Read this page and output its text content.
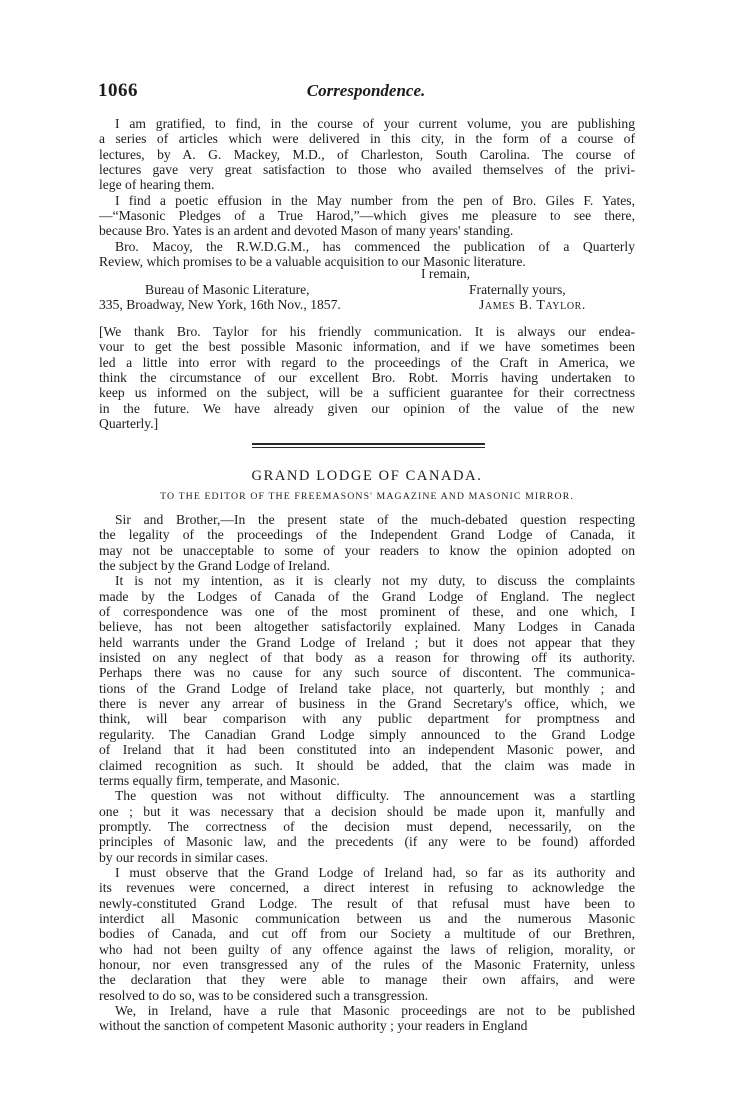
1066	Correspondence.

I am gratified, to find, in the course of your current volume, you are publishing
a series of articles which were delivered in this city, in the form of a course of
lectures, by A. G. Mackey, M.D., of Charleston, South Carolina. The course of
lectures gave very great satisfaction to those who availed themselves of the privi-
lege of hearing them.

I find a poetic effusion in the May number from the pen of Bro. Giles F. Yates,
—“Masonic Pledges of a True Harod,”—which gives me pleasure to see there,
because Bro. Yates is an ardent and devoted Mason of many years' standing.

Bro. Macoy, the R.W.D.G.M., has commenced the publication of a Quarterly
Review, which promises to be a valuable acquisition to our Masonic literature.

I remain,
Bureau of Masonic Literature,	Fraternally yours,
335, Broadway, New York, 16th Nov., 1857.	James B. Taylor.

[We thank Bro. Taylor for his friendly communication. It is always our endea-
vour to get the best possible Masonic information, and if we have sometimes been
led a little into error with regard to the proceedings of the Craft in America, we
think the circumstance of our excellent Bro. Robt. Morris having undertaken to
keep us informed on the subject, will be a sufficient guarantee for their correctness
in the future. We have already given our opinion of the value of the new
Quarterly.]

GRAND LODGE OF CANADA.
TO THE EDITOR OF THE FREEMASONS' MAGAZINE AND MASONIC MIRROR.

Sir and Brother,—In the present state of the much-debated question respecting
the legality of the proceedings of the Independent Grand Lodge of Canada, it
may not be unacceptable to some of your readers to know the opinion adopted on
the subject by the Grand Lodge of Ireland.

It is not my intention, as it is clearly not my duty, to discuss the complaints
made by the Lodges of Canada of the Grand Lodge of England. The neglect
of correspondence was one of the most prominent of these, and one which, I
believe, has not been altogether satisfactorily explained. Many Lodges in Canada
held warrants under the Grand Lodge of Ireland ; but it does not appear that they
insisted on any neglect of that body as a reason for throwing off its authority.
Perhaps there was no cause for any such source of discontent. The communica-
tions of the Grand Lodge of Ireland take place, not quarterly, but monthly ; and
there is never any arrear of business in the Grand Secretary's office, which, we
think, will bear comparison with any public department for promptness and
regularity. The Canadian Grand Lodge simply announced to the Grand Lodge
of Ireland that it had been constituted into an independent Masonic power, and
claimed recognition as such. It should be added, that the claim was made in
terms equally firm, temperate, and Masonic.

The question was not without difficulty. The announcement was a startling
one ; but it was necessary that a decision should be made upon it, manfully and
promptly. The correctness of the decision must depend, necessarily, on the
principles of Masonic law, and the precedents (if any were to be found) afforded
by our records in similar cases.

I must observe that the Grand Lodge of Ireland had, so far as its authority and
its revenues were concerned, a direct interest in refusing to acknowledge the
newly-constituted Grand Lodge. The result of that refusal must have been to
interdict all Masonic communication between us and the numerous Masonic
bodies of Canada, and cut off from our Society a multitude of our Brethren,
who had not been guilty of any offence against the laws of religion, morality, or
honour, nor even transgressed any of the rules of the Masonic Fraternity, unless
the declaration that they were able to manage their own affairs, and were
resolved to do so, was to be considered such a transgression.

We, in Ireland, have a rule that Masonic proceedings are not to be published
without the sanction of competent Masonic authority ; your readers in England
